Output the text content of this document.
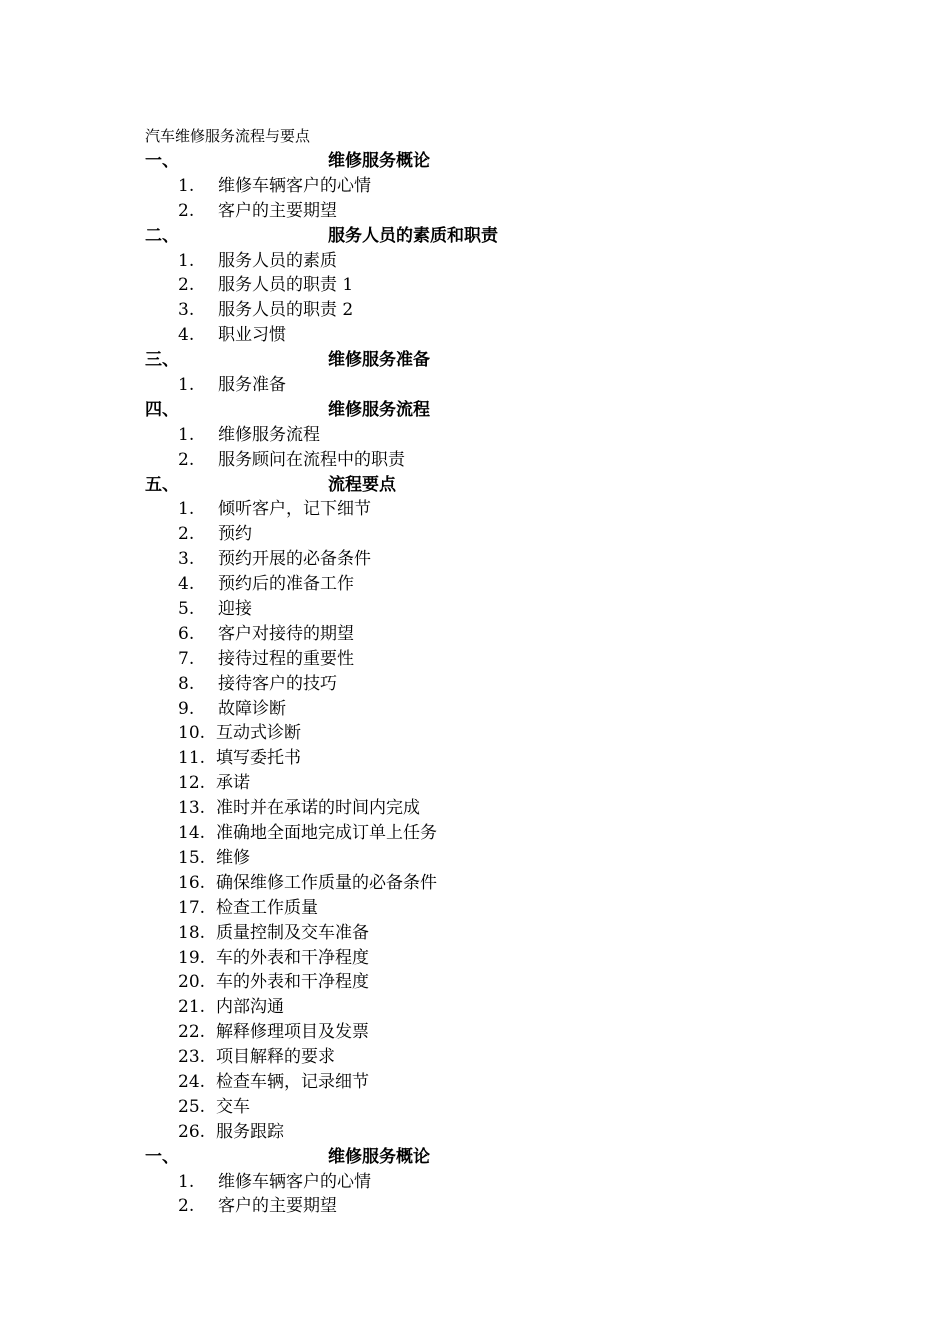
汽车维修服务流程与要点
一、	维修服务概论
1. 维修车辆客户的心情
2. 客户的主要期望
二、	服务人员的素质和职责
1. 服务人员的素质
2. 服务人员的职责 1
3. 服务人员的职责 2
4. 职业习惯
三、	维修服务准备
1. 服务准备
四、	维修服务流程
1. 维修服务流程
2. 服务顾问在流程中的职责
五、	流程要点
1. 倾听客户，记下细节
2. 预约
3. 预约开展的必备条件
4. 预约后的准备工作
5. 迎接
6. 客户对接待的期望
7. 接待过程的重要性
8. 接待客户的技巧
9. 故障诊断
10. 互动式诊断
11. 填写委托书
12. 承诺
13. 准时并在承诺的时间内完成
14. 准确地全面地完成订单上任务
15. 维修
16. 确保维修工作质量的必备条件
17. 检查工作质量
18. 质量控制及交车准备
19. 车的外表和干净程度
20. 车的外表和干净程度
21. 内部沟通
22. 解释修理项目及发票
23. 项目解释的要求
24. 检查车辆，记录细节
25. 交车
26. 服务跟踪
一、	维修服务概论
1. 维修车辆客户的心情
2. 客户的主要期望
